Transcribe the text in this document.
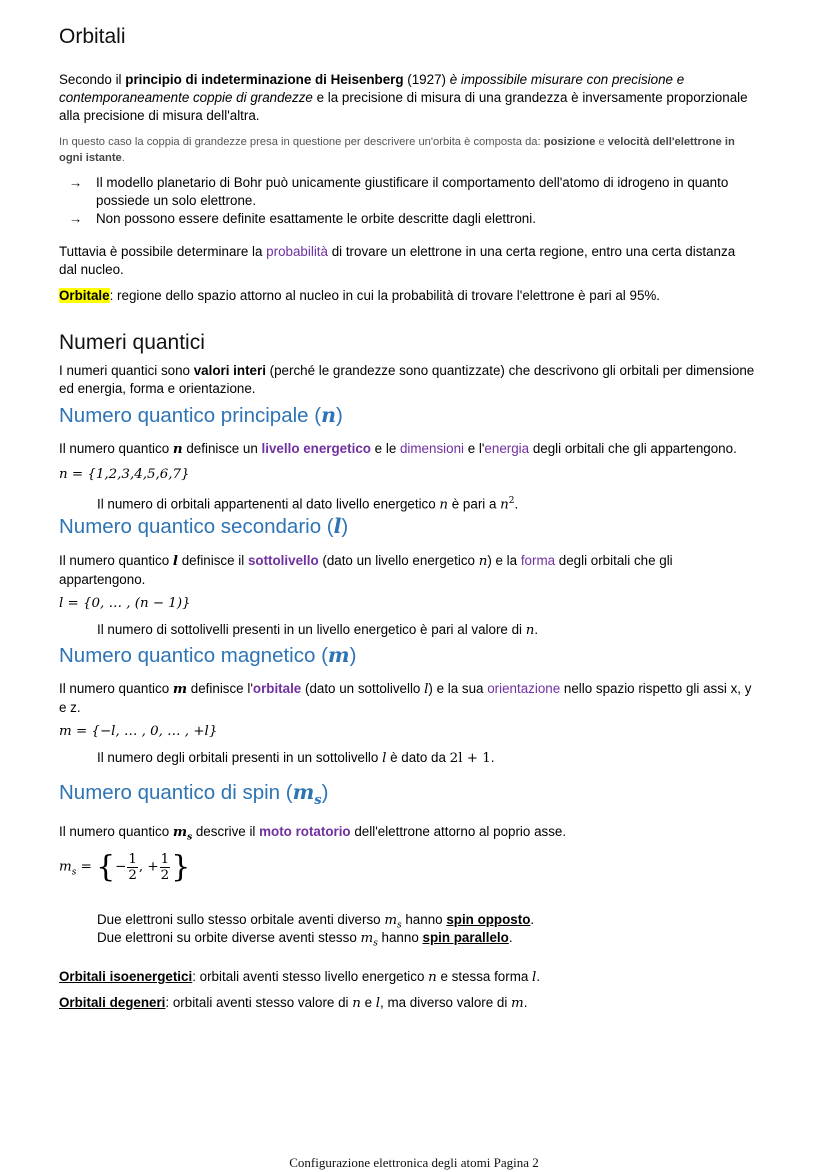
Orbitali
Secondo il principio di indeterminazione di Heisenberg (1927) è impossibile misurare con precisione e
contemporaneamente coppie di grandezze e la precisione di misura di una grandezza è inversamente proporzionale
alla precisione di misura dell'altra.
In questo caso la coppia di grandezze presa in questione per descrivere un'orbita è composta da: posizione e velocità dell'elettrone in
ogni istante.
→	Il modello planetario di Bohr può unicamente giustificare il comportamento dell'atomo di idrogeno in quanto
possiede un solo elettrone.
→	Non possono essere definite esattamente le orbite descritte dagli elettroni.
Tuttavia è possibile determinare la probabilità di trovare un elettrone in una certa regione, entro una certa distanza
dal nucleo.
Orbitale: regione dello spazio attorno al nucleo in cui la probabilità di trovare l'elettrone è pari al 95%.
Numeri quantici
I numeri quantici sono valori interi (perché le grandezze sono quantizzate) che descrivono gli orbitali per dimensione
ed energia, forma e orientazione.
Numero quantico principale (n)
Il numero quantico n definisce un livello energetico e le dimensioni e l'energia degli orbitali che gli appartengono.
n = {1,2,3,4,5,6,7}
Il numero di orbitali appartenenti al dato livello energetico n è pari a $n^2$.
Numero quantico secondario (l)
Il numero quantico l definisce il sottolivello (dato un livello energetico n) e la forma degli orbitali che gli
appartengono.
l = {0, … , (n − 1)}
Il numero di sottolivelli presenti in un livello energetico è pari al valore di n.
Numero quantico magnetico (m)
Il numero quantico m definisce l'orbitale (dato un sottolivello l) e la sua orientazione nello spazio rispetto gli assi x, y
e z.
m = {−l, … , 0, … , +l}
Il numero degli orbitali presenti in un sottolivello l è dato da 2l + 1.
Numero quantico di spin $(m_s)$
Il numero quantico $m_s$ descrive il moto rotatorio dell'elettrone attorno al poprio asse.
$m_s$ = {− $\frac{1}{2}$ , + $\frac{1}{2}$ }
Due elettroni sullo stesso orbitale aventi diverso $m_s$ hanno spin opposto.
Due elettroni su orbite diverse aventi stesso $m_s$ hanno spin parallelo.
Orbitali isoenergetici: orbitali aventi stesso livello energetico n e stessa forma l.
Orbitali degeneri: orbitali aventi stesso valore di n e l, ma diverso valore di m.
Configurazione elettronica degli atomi Pagina 2
